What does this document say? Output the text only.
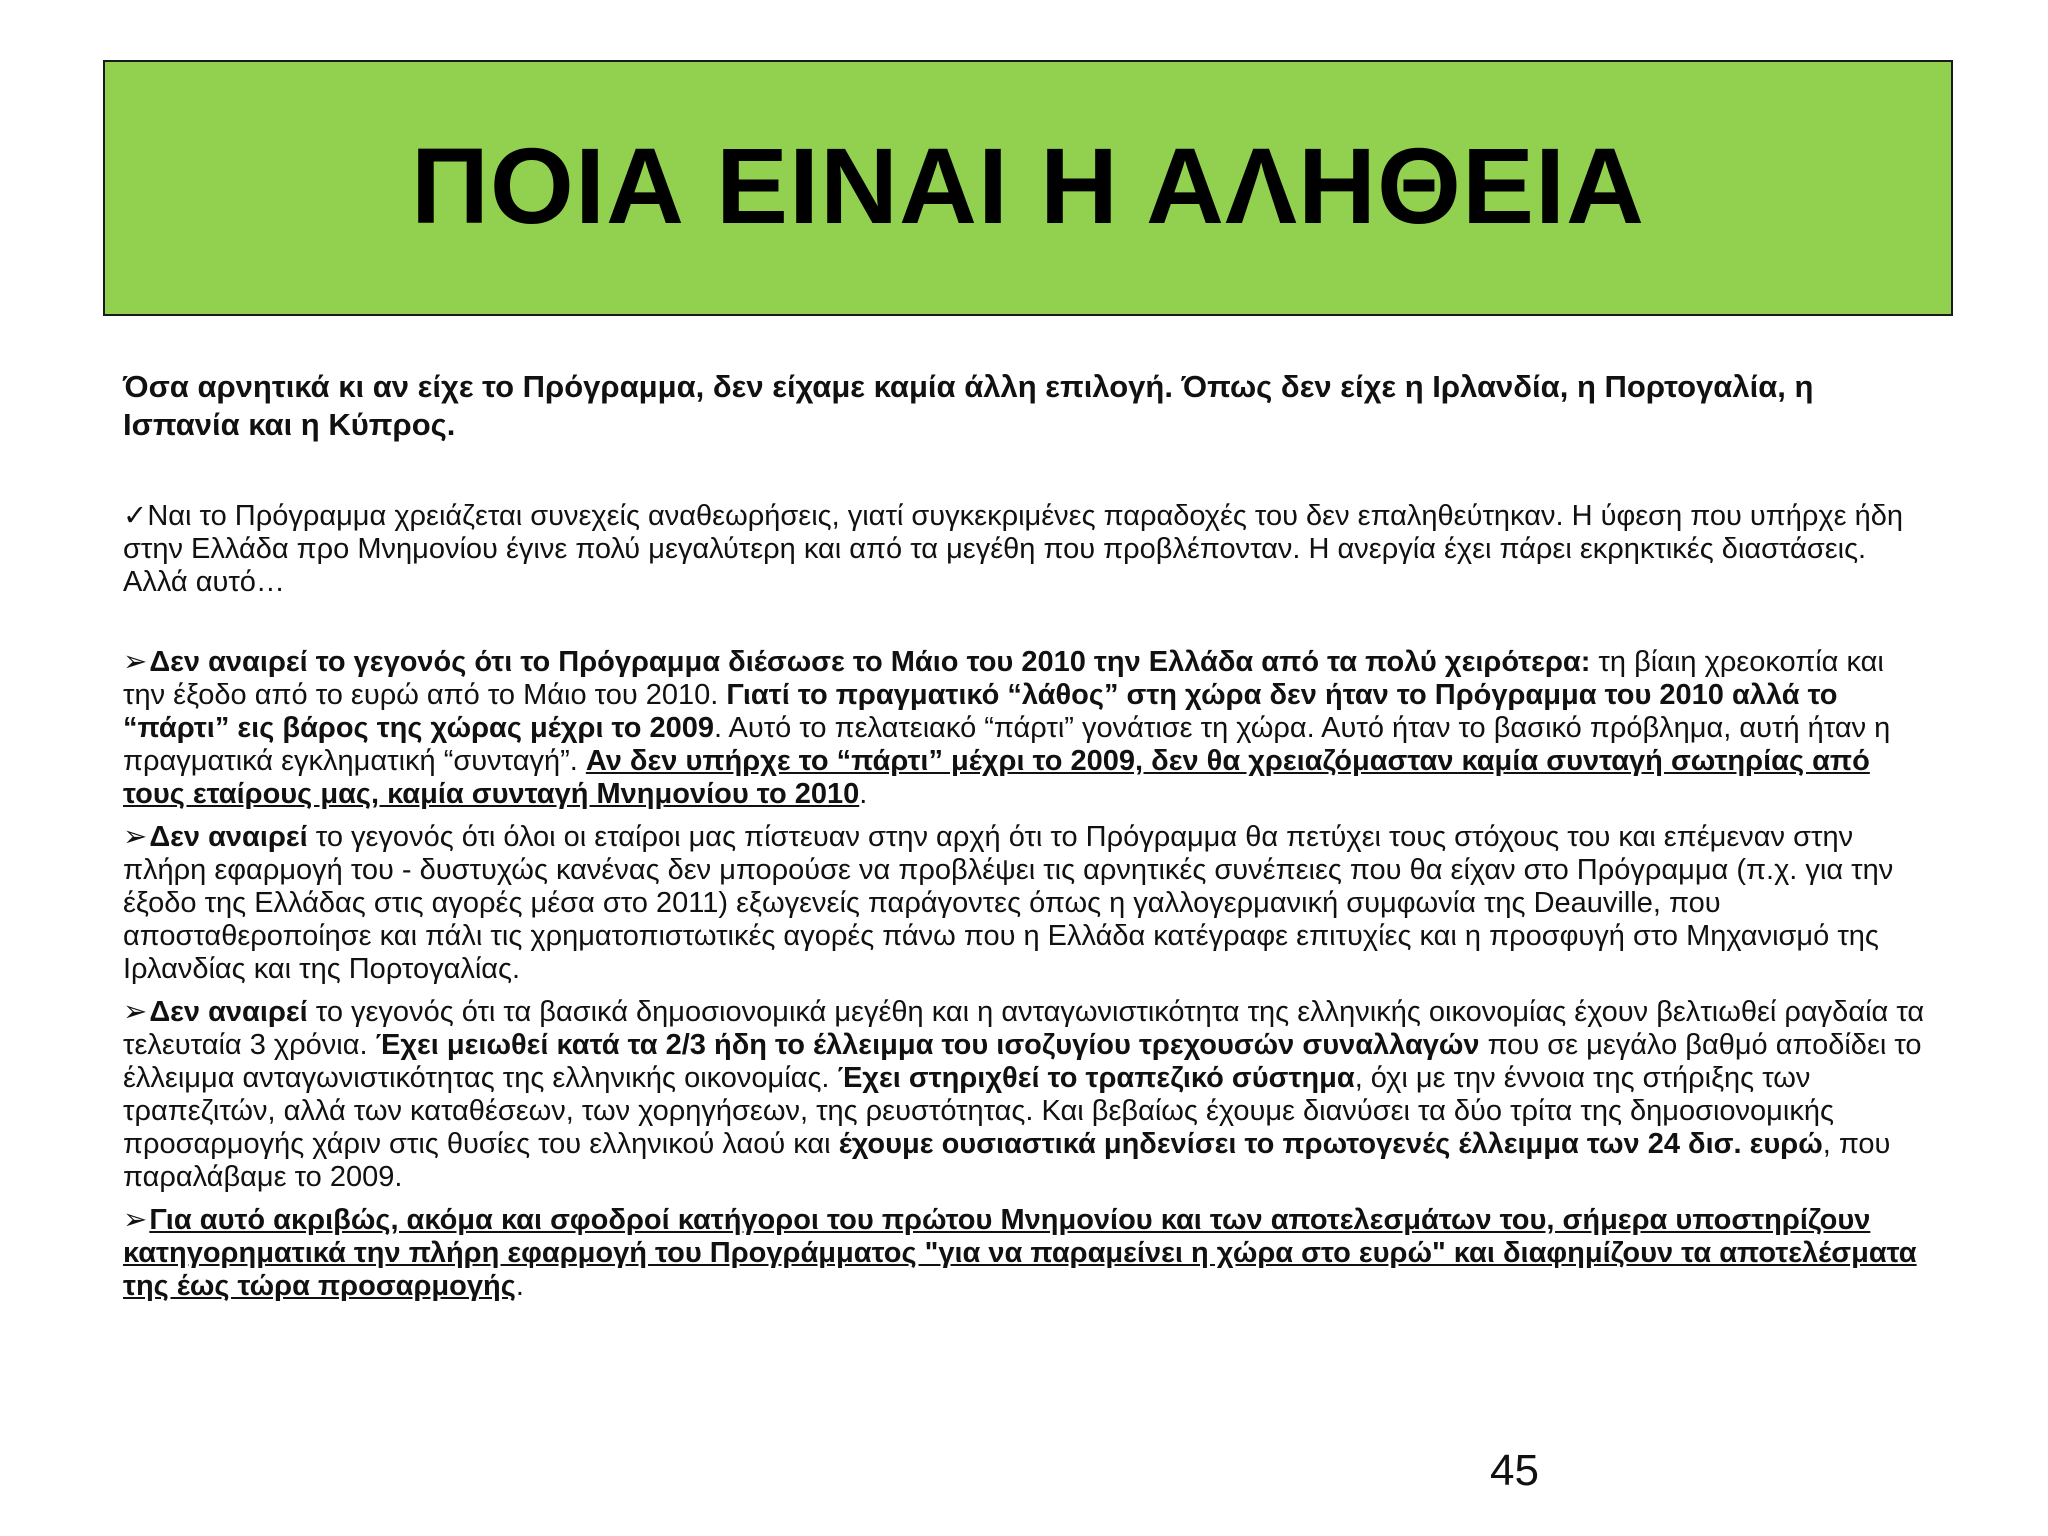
ΠΟΙΑ ΕΙΝΑΙ Η ΑΛΗΘΕΙΑ

Όσα αρνητικά κι αν είχε το Πρόγραμμα, δεν είχαμε καμία άλλη επιλογή. Όπως δεν είχε η Ιρλανδία, η Πορτογαλία, η Ισπανία και η Κύπρος.

✓Ναι το Πρόγραμμα χρειάζεται συνεχείς αναθεωρήσεις, γιατί συγκεκριμένες παραδοχές του δεν επαληθεύτηκαν. Η ύφεση που υπήρχε ήδη στην Ελλάδα προ Μνημονίου έγινε πολύ μεγαλύτερη και από τα μεγέθη που προβλέπονταν. Η ανεργία έχει πάρει εκρηκτικές διαστάσεις. Αλλά αυτό…

➢Δεν αναιρεί το γεγονός ότι το Πρόγραμμα διέσωσε το Μάιο του 2010 την Ελλάδα από τα πολύ χειρότερα: τη βίαιη χρεοκοπία και την έξοδο από το ευρώ από το Μάιο του 2010. Γιατί το πραγματικό “λάθος” στη χώρα δεν ήταν το Πρόγραμμα του 2010 αλλά το “πάρτι” εις βάρος της χώρας μέχρι το 2009. Αυτό το πελατειακό “πάρτι” γονάτισε τη χώρα. Αυτό ήταν το βασικό πρόβλημα, αυτή ήταν η πραγματικά εγκληματική “συνταγή”. Αν δεν υπήρχε το “πάρτι” μέχρι το 2009, δεν θα χρειαζόμασταν καμία συνταγή σωτηρίας από τους εταίρους μας, καμία συνταγή Μνημονίου το 2010.

➢Δεν αναιρεί το γεγονός ότι όλοι οι εταίροι μας πίστευαν στην αρχή ότι το Πρόγραμμα θα πετύχει τους στόχους του και επέμεναν στην πλήρη εφαρμογή του - δυστυχώς κανένας δεν μπορούσε να προβλέψει τις αρνητικές συνέπειες που θα είχαν στο Πρόγραμμα (π.χ. για την έξοδο της Ελλάδας στις αγορές μέσα στο 2011) εξωγενείς παράγοντες όπως η γαλλογερμανική συμφωνία της Deauville, που αποσταθεροποίησε και πάλι τις χρηματοπιστωτικές αγορές πάνω που η Ελλάδα κατέγραφε επιτυχίες και η προσφυγή στο Μηχανισμό της Ιρλανδίας και της Πορτογαλίας.

➢Δεν αναιρεί το γεγονός ότι τα βασικά δημοσιονομικά μεγέθη και η ανταγωνιστικότητα της ελληνικής οικονομίας έχουν βελτιωθεί ραγδαία τα τελευταία 3 χρόνια. Έχει μειωθεί κατά τα 2/3 ήδη το έλλειμμα του ισοζυγίου τρεχουσών συναλλαγών που σε μεγάλο βαθμό αποδίδει το έλλειμμα ανταγωνιστικότητας της ελληνικής οικονομίας. Έχει στηριχθεί το τραπεζικό σύστημα, όχι με την έννοια της στήριξης των τραπεζιτών, αλλά των καταθέσεων, των χορηγήσεων, της ρευστότητας. Και βεβαίως έχουμε διανύσει τα δύο τρίτα της δημοσιονομικής προσαρμογής χάριν στις θυσίες του ελληνικού λαού και έχουμε ουσιαστικά μηδενίσει το πρωτογενές έλλειμμα των 24 δισ. ευρώ, που παραλάβαμε το 2009.

➢Για αυτό ακριβώς, ακόμα και σφοδροί κατήγοροι του πρώτου Μνημονίου και των αποτελεσμάτων του, σήμερα υποστηρίζουν κατηγορηματικά την πλήρη εφαρμογή του Προγράμματος "για να παραμείνει η χώρα στο ευρώ" και διαφημίζουν τα αποτελέσματα της έως τώρα προσαρμογής.

45
